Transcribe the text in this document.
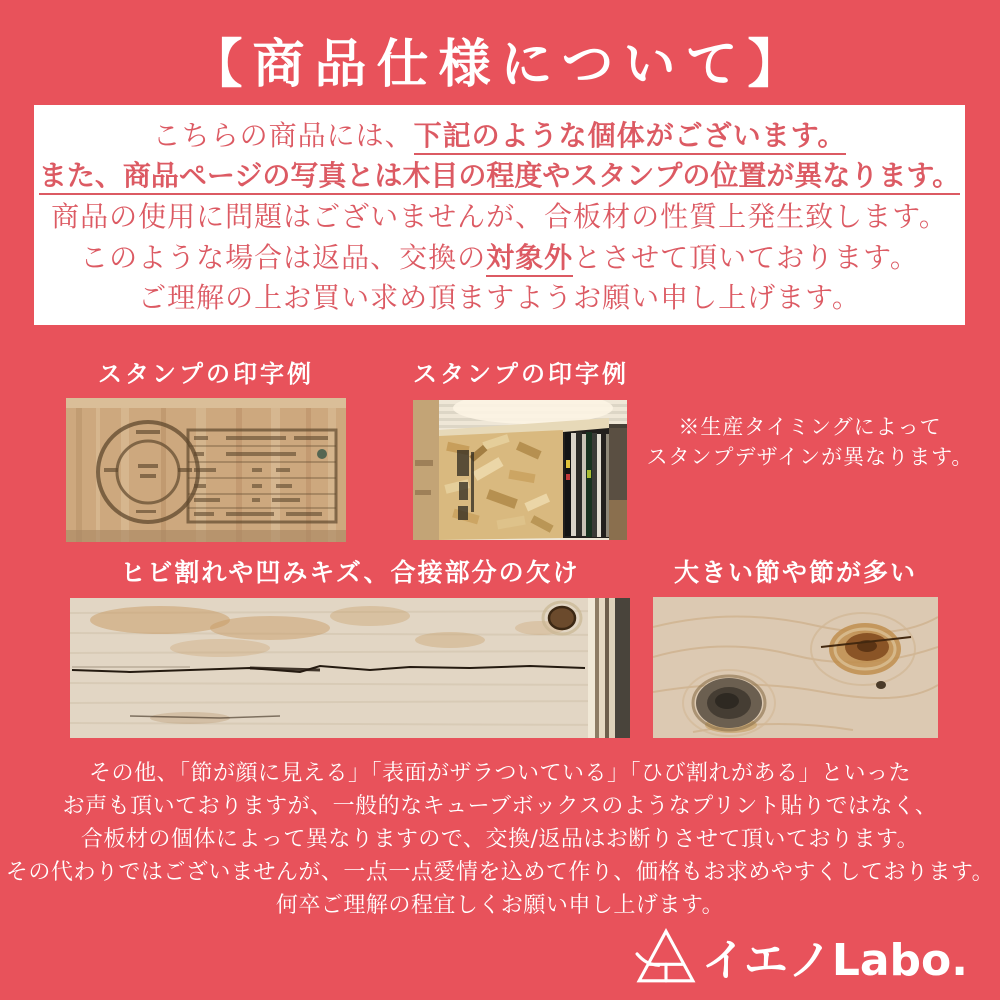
【商品仕様について】
こちらの商品には、下記のような個体がございます。
また、商品ページの写真とは木目の程度やスタンプの位置が異なります。
商品の使用に問題はございませんが、合板材の性質上発生致します。
このような場合は返品、交換の対象外とさせて頂いております。
ご理解の上お買い求め頂ますようお願い申し上げます。
スタンプの印字例	スタンプの印字例
※生産タイミングによって
スタンプデザインが異なります。
ヒビ割れや凹みキズ、合接部分の欠け	大きい節や節が多い
その他、「節が顔に見える」「表面がザラついている」「ひび割れがある」といった
お声も頂いておりますが、一般的なキューブボックスのようなプリント貼りではなく、
合板材の個体によって異なりますので、交換/返品はお断りさせて頂いております。
その代わりではございませんが、一点一点愛情を込めて作り、価格もお求めやすくしております。
何卒ご理解の程宜しくお願い申し上げます。
イエノLabo.
